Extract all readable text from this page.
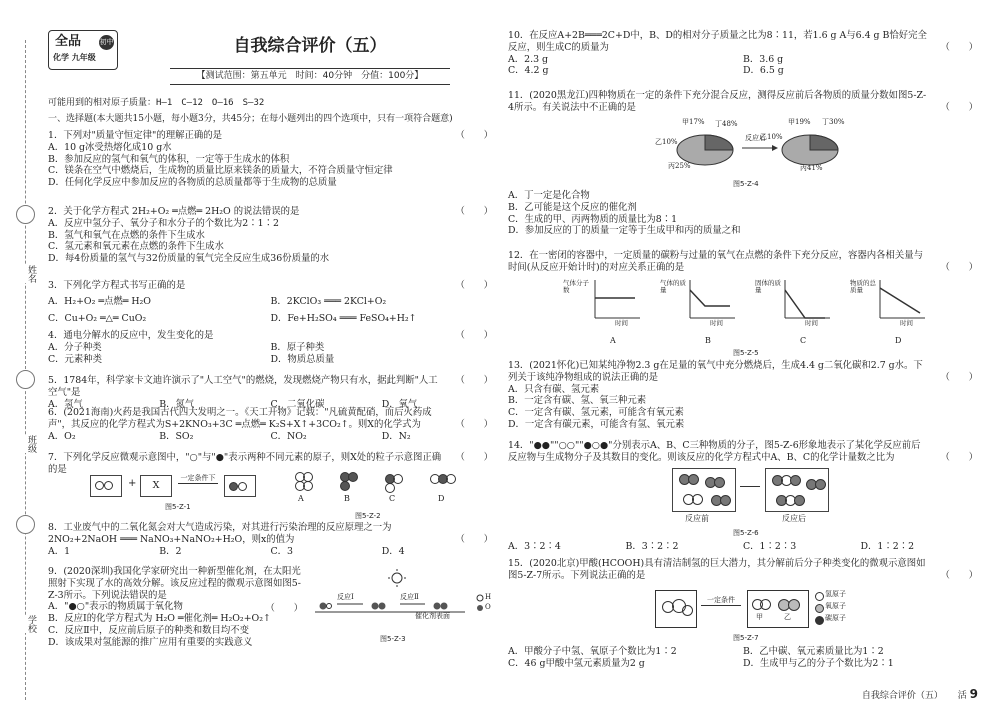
姓名
班级
学校
全品
化学 九年级
初中	自我综合评价（五）
【测试范围：第五单元　时间：40分钟　分值：100分】
可能用到的相对原子质量：H—1　C—12　O—16　S—32
一、选择题(本大题共15小题，每小题3分，共45分；在每小题列出的四个选项中，只有一项符合题意)
1．下列对"质量守恒定律"的理解正确的是	（　　）
A．10 g冰受热熔化成10 g水
B．参加反应的氢气和氧气的体积，一定等于生成水的体积
C．镁条在空气中燃烧后，生成物的质量比原来镁条的质量大，不符合质量守恒定律
D．任何化学反应中参加反应的各物质的总质量都等于生成物的总质量
2．关于化学方程式 2H₂+O₂ ═点燃═ 2H₂O 的说法错误的是	（　　）
A．反应中氢分子、氧分子和水分子的个数比为2∶1∶2
B．氢气和氧气在点燃的条件下生成水
C．氢元素和氧元素在点燃的条件下生成水
D．每4份质量的氢气与32份质量的氧气完全反应生成36份质量的水
3．下列化学方程式书写正确的是	（　　）
A．H₂+O₂ ═点燃═ H₂O	B．2KClO₃ ═══ 2KCl+O₂
C．Cu+O₂ ═△═ CuO₂	D．Fe+H₂SO₄ ═══ FeSO₄+H₂↑
4．通电分解水的反应中，发生变化的是	（　　）
A．分子种类	B．原子种类
C．元素种类	D．物质总质量
5．1784年，科学家卡文迪许演示了"人工空气"的燃烧，发现燃烧产物只有水，据此判断"人工空气"是
（　　）
A．氢气	B．氮气	C．二氧化碳	D．氧气
6．(2021海南)火药是我国古代四大发明之一。《天工开物》记载："凡硫黄配硝，而后火药成声"，其反应的化学方程式为S+2KNO₃+3C ═点燃═ K₂S+X↑+3CO₂↑。则X的化学式为	（　　）
A．O₂	B．SO₂	C．NO₂	D．N₂
7．下列化学反应微观示意图中，"○"与"●"表示两种不同元素的原子，则X处的粒子示意图正确的是
（　　）
+	X
一定条件下
图5-Z-1
A	B	C	D
图5-Z-2
8．工业废气中的二氧化氮会对大气造成污染，对其进行污染治理的反应原理之一为2NO₂+2NaOH ═══ NaNO₃+NaNO₂+H₂O，则x的值为	（　　）
A．1	B．2	C．3	D．4
9．(2020深圳)我国化学家研究出一种新型催化剂，在太阳光照射下实现了水的高效分解。该反应过程的微观示意图如图5-Z-3所示。下列说法错误的是
（　　）
A．"●○"表示的物质属于氧化物
B．反应Ⅰ的化学方程式为 H₂O ═催化剂═ H₂O₂+O₂↑
C．反应Ⅱ中，反应前后原子的种类和数目均不变
D．该成果对氢能源的推广应用有重要的实践意义
反应Ⅰ	反应Ⅱ
催化剂表面
H
O
图5-Z-3
10．在反应A+2B═══2C+D中，B、D的相对分子质量之比为8∶11，若1.6 g A与6.4 g B恰好完全反应，则生成C的质量为	（　　）
A．2.3 g	B．3.6 g
C．4.2 g	D．6.5 g
11．(2020黑龙江)四种物质在一定的条件下充分混合反应，测得反应前后各物质的质量分数如图5-Z-4所示。有关说法中不正确的是	（　　）
甲17% 丁48%
乙10%
丙25%
甲19% 丁30%
乙10%
丙41%
反应后
图5-Z-4
A．丁一定是化合物
B．乙可能是这个反应的催化剂
C．生成的甲、丙两物质的质量比为8∶1
D．参加反应的丁的质量一定等于生成甲和丙的质量之和
12．在一密闭的容器中，一定质量的碳粉与过量的氧气在点燃的条件下充分反应，容器内各相关量与时间(从反应开始计时)的对应关系正确的是	（　　）
气体分子数
气体的质量
固体的质量
物质的总质量
时间	时间	时间	时间
A	B	C	D
图5-Z-5
13．(2021怀化)已知某纯净物2.3 g在足量的氧气中充分燃烧后，生成4.4 g二氧化碳和2.7 g水。下列关于该纯净物组成的说法正确的是	（　　）
A．只含有碳、氢元素
B．一定含有碳、氢、氧三种元素
C．一定含有碳、氢元素，可能含有氧元素
D．一定含有碳元素，可能含有氢、氧元素
14．"●●""○○""●○●"分别表示A、B、C三种物质的分子，图5-Z-6形象地表示了某化学反应前后反应物与生成物分子及其数目的变化。则该反应的化学方程式中A、B、C的化学计量数之比为	（　　）
反应前	反应后
图5-Z-6
A．3∶2∶4	B．3∶2∶2	C．1∶2∶3	D．1∶2∶2
15．(2020北京)甲酸(HCOOH)具有清洁制氢的巨大潜力，其分解前后分子种类变化的微观示意图如图5-Z-7所示。下列说法正确的是	（　　）
一定条件
甲	乙
氢原子
氧原子
碳原子
图5-Z-7
A．甲酸分子中氢、氧原子个数比为1∶2	B．乙中碳、氧元素质量比为1∶2
C．46 g甲酸中氢元素质量为2 g	D．生成甲与乙的分子个数比为2∶1
自我综合评价（五） 活 9
